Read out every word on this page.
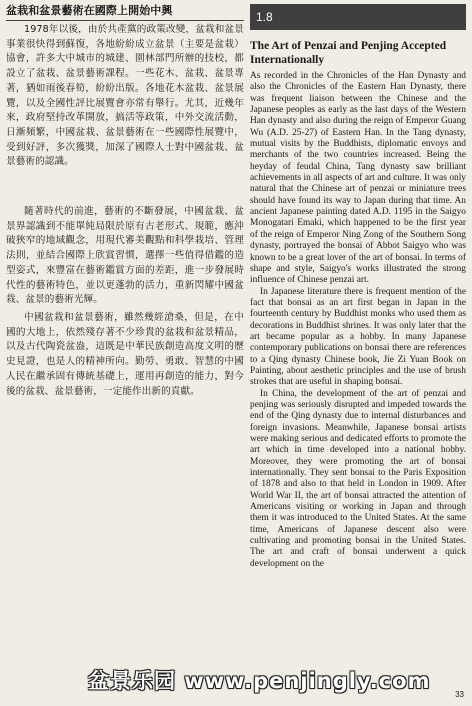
盆栽和盆景藝術在國際上開始中興

1978年以後，由於共產黨的政策改變，盆栽和盆景事業很快得到蘇復，各地紛紛成立盆景（主要是盆栽）協會，許多大中城市的城建、園林部門所辦的技校，都設立了盆栽、盆景藝術課程。一些花木、盆栽、盆景專著，猶如雨後春筍，紛紛出版。各地花木盆栽、盆景展覽，以及全國性評比展覽會亦常有舉行。尤其，近幾年來，政府堅持改革開放，搞活等政策，中外交流活動，日漸頻繁，中國盆栽、盆景藝術在一些國際性展覽中，受到好評，多次獲獎，加深了國際人士對中國盆栽、盆景藝術的認識。

隨著時代的前進，藝術的不斷發展，中國盆栽、盆景界認識到不能單純局限於原有古老形式、規範，應沖破狹窄的地域觀念，用現代審美觀點和科學栽培、管理法則，並結合國際上欣賞習慣，選擇一些值得借鑑的造型姿式，來豐富在藝術鑑賞方面的差距，進一步發展時代性的藝術特色，並以更蓬勃的活力，重新閃耀中國盆栽、盆景的藝術光輝。

中國盆栽和盆景藝術，雖然幾經滄桑，但是，在中國的大地上，依然殘存著不少珍貴的盆栽和盆景精品，以及古代陶瓷盆盎，這既是中華民族創造高度文明的歷史見證，也是人的精神所向。勤勞、勇敢、智慧的中國人民在繼承固有傳統基礎上，運用再創造的能力，對今後的盆栽、盆景藝術，一定能作出新的貢獻。

1.8
The Art of Penzai and Penjing Accepted Internationally

As recorded in the Chronicles of the Han Dynasty and also the Chronicles of the Eastern Han Dynasty, there was frequent liaison between the Chinese and the Japanese peoples as early as the last days of the Western Han dynasty and also during the reign of Emperor Guang Wu (A.D. 25-27) of Eastern Han. In the Tang dynasty, mutual visits by the Buddhists, diplomatic envoys and merchants of the two countries increased. Being the heyday of feudal China, Tang dynasty saw brilliant achievements in all aspects of art and culture. It was only natural that the Chinese art of penzai or miniature trees should have found its way to Japan during that time. An ancient Japanese painting dated A.D. 1195 in the Saigyo Monogatari Emaki, which happened to be the first year of the reign of Emperor Ning Zong of the Southern Song dynasty, portrayed the bonsai of Abbot Saigyo who was known to be a great lover of the art of bonsai. In terms of shape and style, Saigyo's works illustrated the strong influence of Chinese penzai art.

In Japanese literature there is frequent mention of the fact that bonsai as an art first began in Japan in the fourteenth century by Buddhist monks who used them as decorations in Buddhist shrines. It was only later that the art became popular as a hobby. In many Japanese contemporary publications on bonsai there are references to a Qing dynasty Chinese book, Jie Zi Yuan Book on Painting, about aesthetic principles and the use of brush strokes that are useful in shaping bonsai.

In China, the development of the art of penzai and penjing was seriously disrupted and impeded towards the end of the Qing dynasty due to internal disturbances and foreign invasions. Meanwhile, Japanese bonsai artists were making serious and dedicated efforts to promote the art which in time developed into a national hobby. Moreover, they were promoting the art of bonsai internationally. They sent bonsai to the Paris Exposition of 1878 and also to that held in London in 1909. After World War II, the art of bonsai attracted the attention of Americans visiting or working in Japan and through them it was introduced to the United States. At the same time, Americans of Japanese descent also were cultivating and promoting bonsai in the United States. The art and craft of bonsai underwent a quick development on the

盆景乐园 www.penjingly.com
33
